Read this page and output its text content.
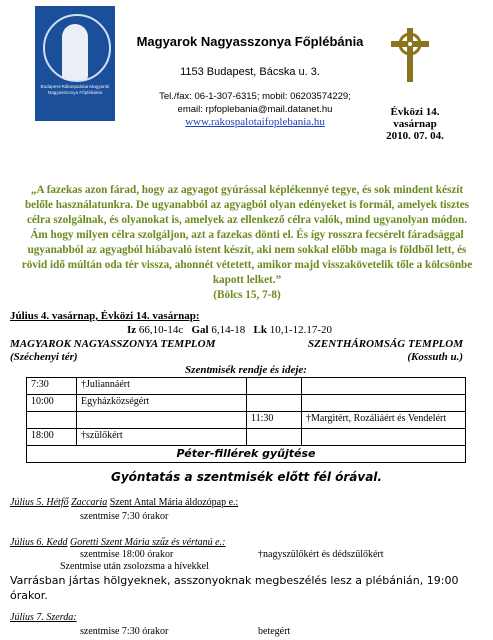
Budapest-Rákospalotai Magyarok Nagyasszonya Főplébánia
Magyarok Nagyasszonya Főplébánia
1153 Budapest, Bácska u. 3.
Tel./fax: 06-1-307-6315; mobil: 06203574229;
email: rpfoplebania@mail.datanet.hu
www.rakospalotaifoplebania.hu
Évközi 14.
vasárnap
2010. 07. 04.
„A fazekas azon fárad, hogy az agyagot gyúrással képlékennyé tegye, és sok mindent készít belőle használatunkra. De ugyanabból az agyagból olyan edényeket is formál, amelyek tisztes célra szolgálnak, és olyanokat is, amelyek az ellenkező célra valók, mind ugyanolyan módon. Ám hogy milyen célra szolgáljon, azt a fazekas dönti el. És így rosszra fecsérelt fáradsággal ugyanabból az agyagból hiábavaló istent készít, aki nem sokkal előbb maga is földből lett, és rövid idő múltán oda tér vissza, ahonnét vétetett, amikor majd visszakövetelik tőle a kölcsönbe kapott lelket.”
(Bölcs 15, 7-8)
Július 4. vasárnap, Évközi 14. vasárnap:
Iz 66,10-14c Gal 6,14-18 Lk 10,1-12.17-20
MAGYAROK NAGYASSZONYA TEMPLOM	SZENTHÁROMSÁG TEMPLOM
(Széchenyi tér)	(Kossuth u.)
Szentmisék rendje és ideje:
7:30	†Juliannáért		
10:00	Egyházközségért		
		11:30	†Margitért, Rozáliáért és Vendelért
18:00	†szülőkért		
Péter-fillérek gyűjtése			
Gyóntatás a szentmisék előtt fél órával.
Július 5. Hétfő Zaccaria Szent Antal Mária áldozópap e.:
szentmise 7:30 órakor
Július 6. Kedd Goretti Szent Mária szűz és vértanú e.:
szentmise 18:00 órakor	†nagyszülőkért és dédszülőkért
Szentmise után zsolozsma a hívekkel
Varrásban jártas hölgyeknek, asszonyoknak megbeszélés lesz a plébánián, 19:00 órakor.
Július 7. Szerda:
szentmise 7:30 órakor	betegért
